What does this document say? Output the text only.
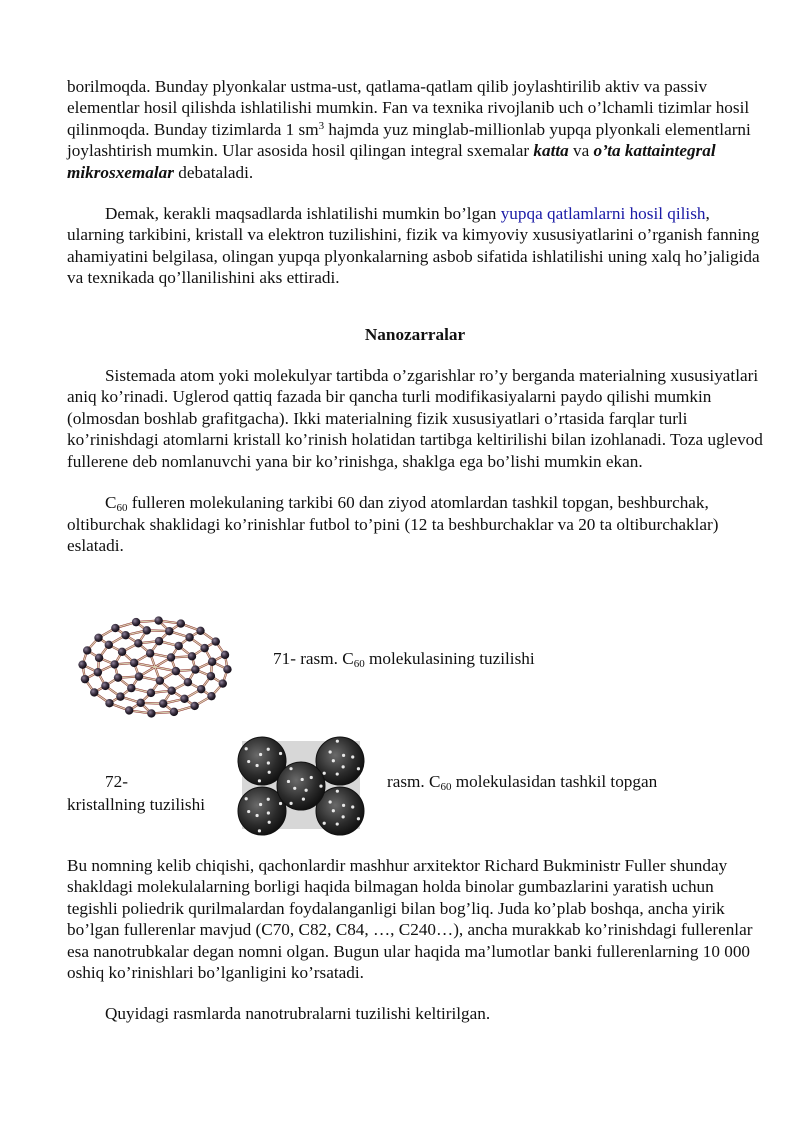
borilmoqda. Bunday plyonkalar ustma-ust, qatlama-qatlam qilib joylashtirilib aktiv va passiv elementlar hosil qilishda ishlatilishi mumkin. Fan va texnika rivojlanib uch o’lchamli tizimlar hosil qilinmoqda. Bunday tizimlarda 1 $sm^3$ hajmda yuz minglab-millionlab yupqa plyonkali elementlarni joylashtirish mumkin. Ular asosida hosil qilingan integral sxemalar katta va o’ta kattaintegral mikrosxemalar debataladi.

Demak, kerakli maqsadlarda ishlatilishi mumkin bo’lgan yupqa qatlamlarni hosil qilish, ularning tarkibini, kristall va elektron tuzilishini, fizik va kimyoviy xususiyatlarini o’rganish fanning ahamiyatini belgilasa, olingan yupqa plyonkalarning asbob sifatida ishlatilishi uning xalq ho’jaligida va texnikada qo’llanilishini aks ettiradi.

Nanozarralar

Sistemada atom yoki molekulyar tartibda o’zgarishlar ro’y berganda materialning xususiyatlari aniq ko’rinadi. Uglerod qattiq fazada bir qancha turli modifikasiyalarni paydo qilishi mumkin (olmosdan boshlab grafitgacha). Ikki materialning fizik xususiyatlari o’rtasida farqlar turli ko’rinishdagi atomlarni kristall ko’rinish holatidan tartibga keltirilishi bilan izohlanadi. Toza uglevod fullerene deb nomlanuvchi yana bir ko’rinishga, shaklga ega bo’lishi mumkin ekan.

$C_{60}$ fulleren molekulaning tarkibi 60 dan ziyod atomlardan tashkil topgan, beshburchak, oltiburchak shaklidagi ko’rinishlar futbol to’pini (12 ta beshburchaklar va 20 ta oltiburchaklar) eslatadi.

71- rasm. $C_{60}$ molekulasining tuzilishi
72-	rasm. $C_{60}$ molekulasidan tashkil topgan
kristallning tuzilishi

Bu nomning kelib chiqishi, qachonlardir mashhur arxitektor Richard Bukministr Fuller shunday shakldagi molekulalarning borligi haqida bilmagan holda binolar gumbazlarini yaratish uchun tegishli poliedrik qurilmalardan foydalanganligi bilan bog’liq. Juda ko’plab boshqa, ancha yirik bo’lgan fullerenlar mavjud (C70, C82, C84, …, C240…), ancha murakkab ko’rinishdagi fullerenlar esa nanotrubkalar degan nomni olgan. Bugun ular haqida ma’lumotlar banki fullerenlarning 10 000 oshiq ko’rinishlari bo’lganligini ko’rsatadi.

Quyidagi rasmlarda nanotrubralarni tuzilishi keltirilgan.
